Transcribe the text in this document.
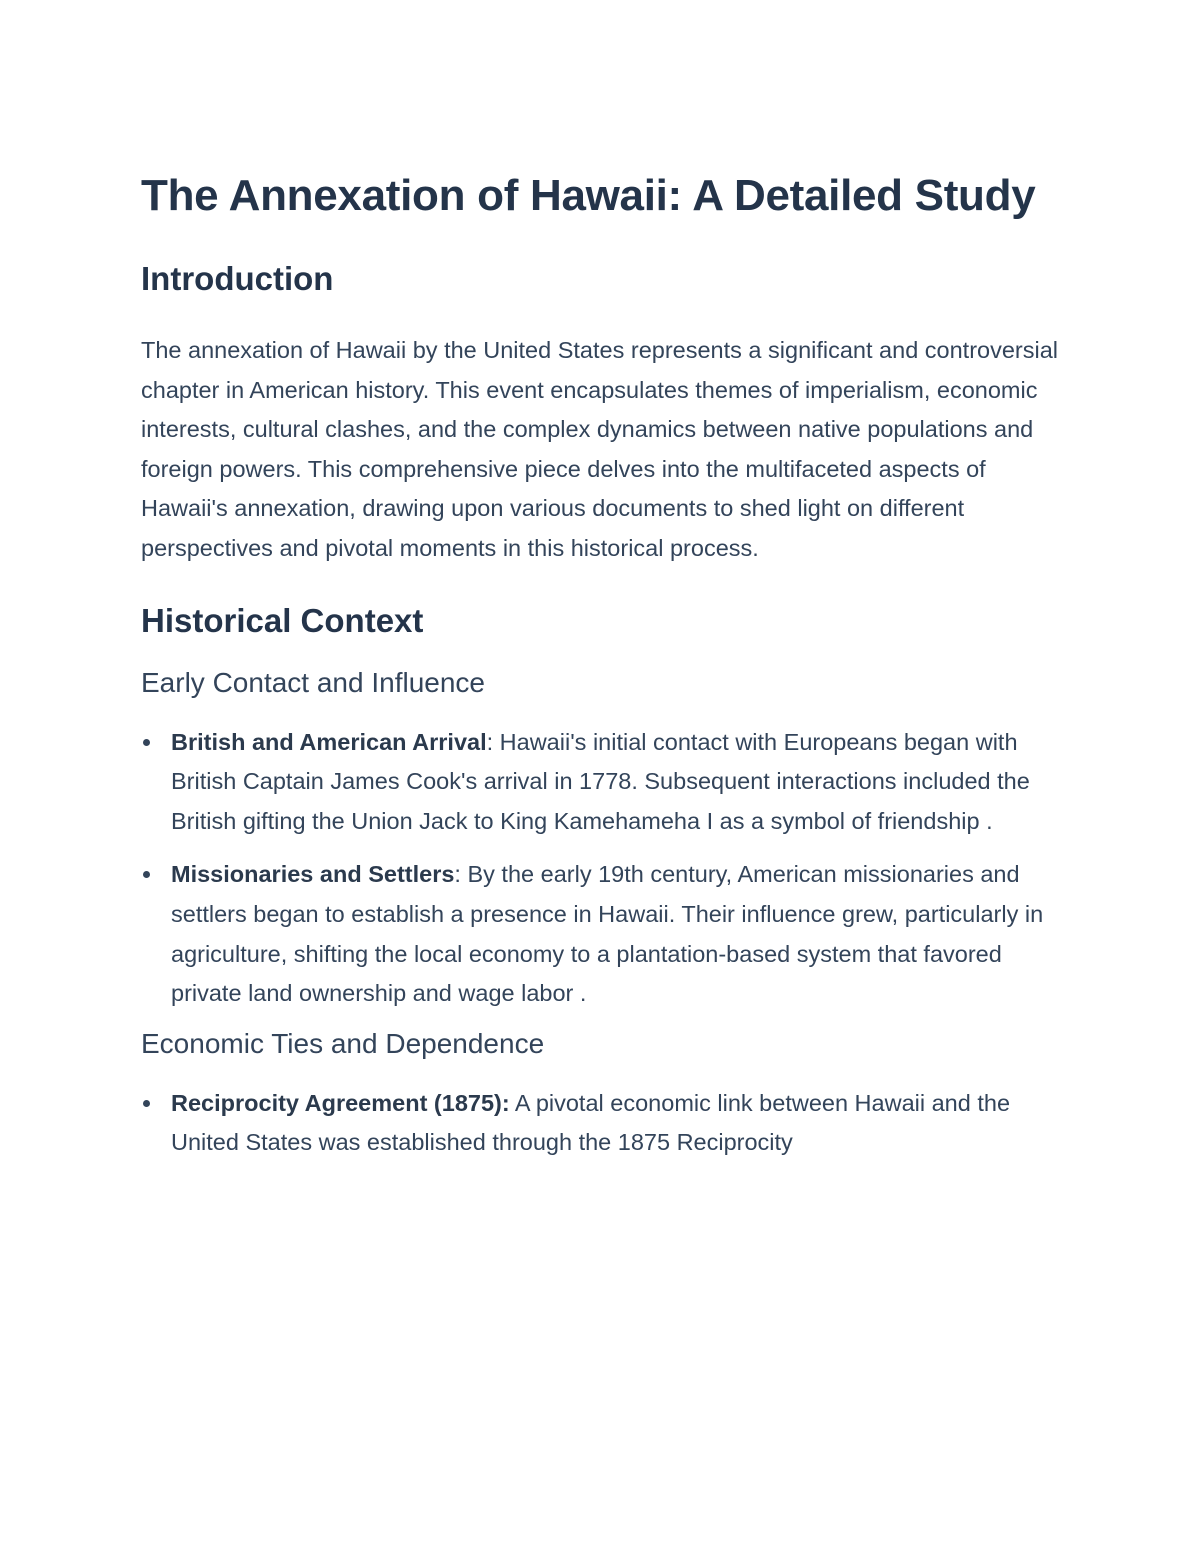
The Annexation of Hawaii: A Detailed Study
Introduction

The annexation of Hawaii by the United States represents a significant and controversial chapter in American history. This event encapsulates themes of imperialism, economic interests, cultural clashes, and the complex dynamics between native populations and foreign powers. This comprehensive piece delves into the multifaceted aspects of Hawaii's annexation, drawing upon various documents to shed light on different perspectives and pivotal moments in this historical process.

Historical Context
Early Contact and Influence
British and American Arrival: Hawaii's initial contact with Europeans began with British Captain James Cook's arrival in 1778. Subsequent interactions included the British gifting the Union Jack to King Kamehameha I as a symbol of friendship .
Missionaries and Settlers: By the early 19th century, American missionaries and settlers began to establish a presence in Hawaii. Their influence grew, particularly in agriculture, shifting the local economy to a plantation-based system that favored private land ownership and wage labor .
Economic Ties and Dependence
Reciprocity Agreement (1875): A pivotal economic link between Hawaii and the United States was established through the 1875 Reciprocity
